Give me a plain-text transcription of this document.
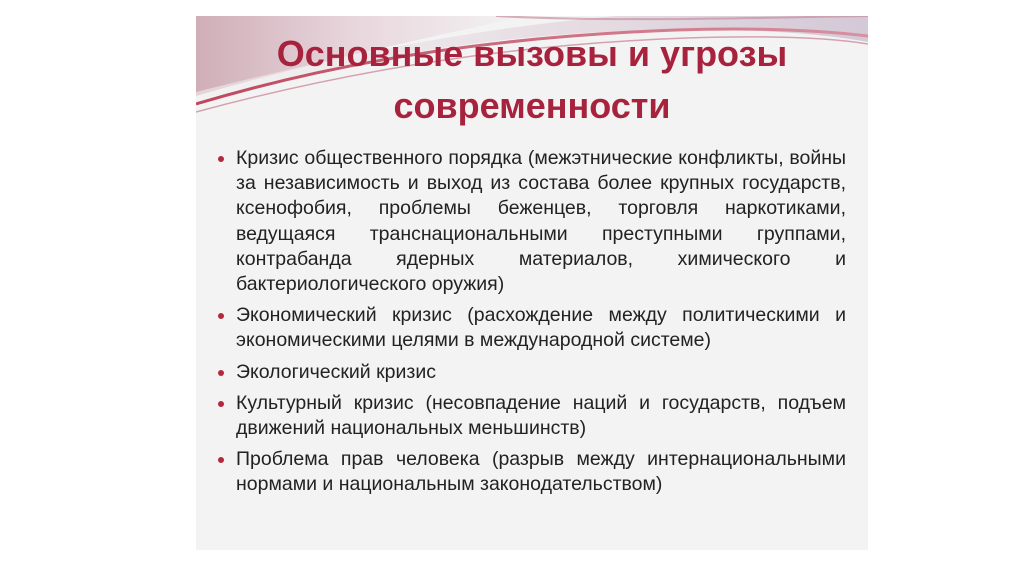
Основные вызовы и угрозы
современности
Кризис общественного порядка (межэтнические конфликты, войны за независимость и выход из состава более крупных государств, ксенофобия, проблемы беженцев, торговля наркотиками, ведущаяся транснациональными преступными группами, контрабанда ядерных материалов, химического и бактериологического оружия)
Экономический кризис (расхождение между политическими и экономическими целями в международной системе)
Экологический кризис
Культурный кризис (несовпадение наций и государств, подъем движений национальных меньшинств)
Проблема прав человека (разрыв между интернациональными нормами и национальным законодательством)
